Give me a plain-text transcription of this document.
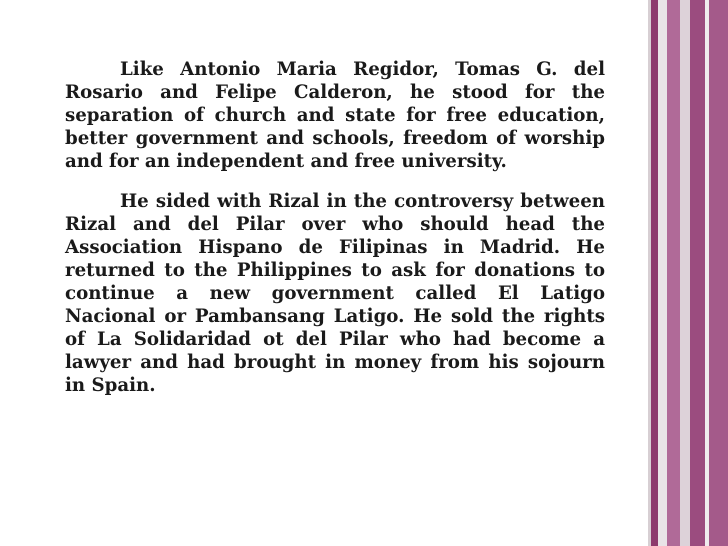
Like Antonio Maria Regidor, Tomas G. del Rosario and Felipe Calderon, he stood for the separation of church and state for free education, better government and schools, freedom of worship and for an independent and free university.

He sided with Rizal in the controversy between Rizal and del Pilar over who should head the Association Hispano de Filipinas in Madrid. He returned to the Philippines to ask for donations to continue a new government called El Latigo Nacional or Pambansang Latigo. He sold the rights of La Solidaridad ot del Pilar who had become a lawyer and had brought in money from his sojourn in Spain.
